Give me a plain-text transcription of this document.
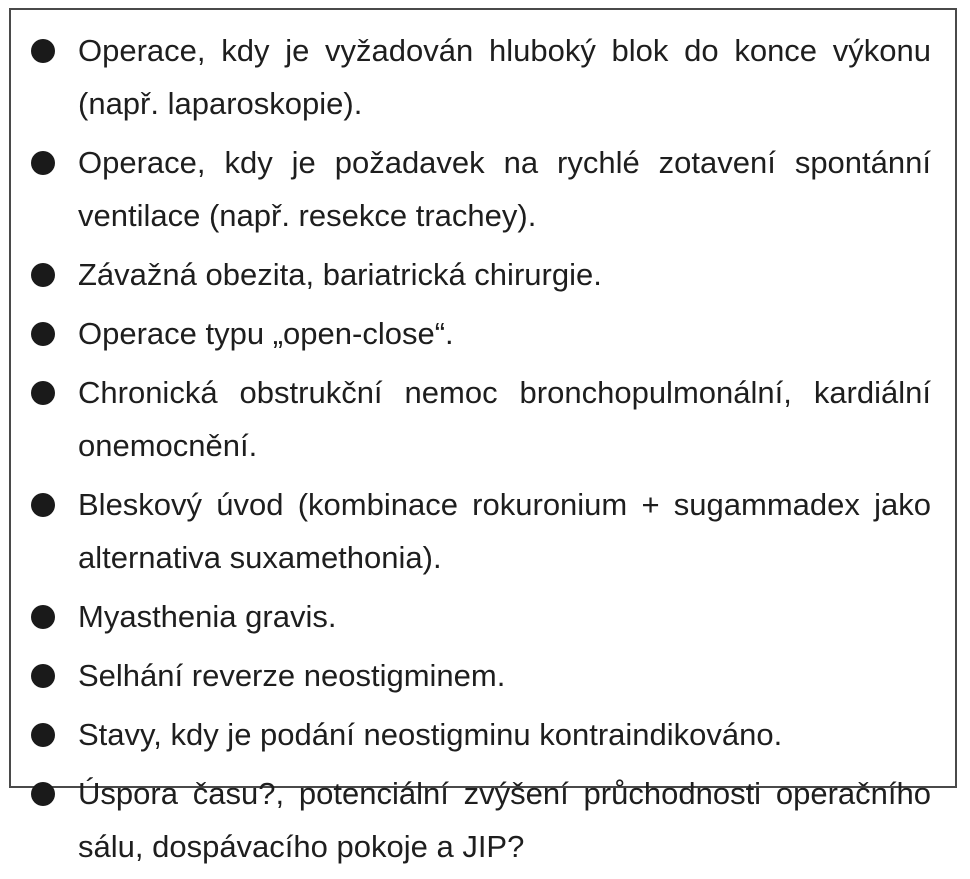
Operace, kdy je vyžadován hluboký blok do konce výkonu (např. laparoskopie).
Operace, kdy je požadavek na rychlé zotavení spontánní ventilace (např. resekce trachey).
Závažná obezita, bariatrická chirurgie.
Operace typu „open-close“.
Chronická obstrukční nemoc bronchopulmonální, kardiální onemocnění.
Bleskový úvod (kombinace rokuronium + sugammadex jako alternativa suxamethonia).
Myasthenia gravis.
Selhání reverze neostigminem.
Stavy, kdy je podání neostigminu kontraindikováno.
Úspora času?, potenciální zvýšení průchodnosti operačního sálu, dospávacího pokoje a JIP?
